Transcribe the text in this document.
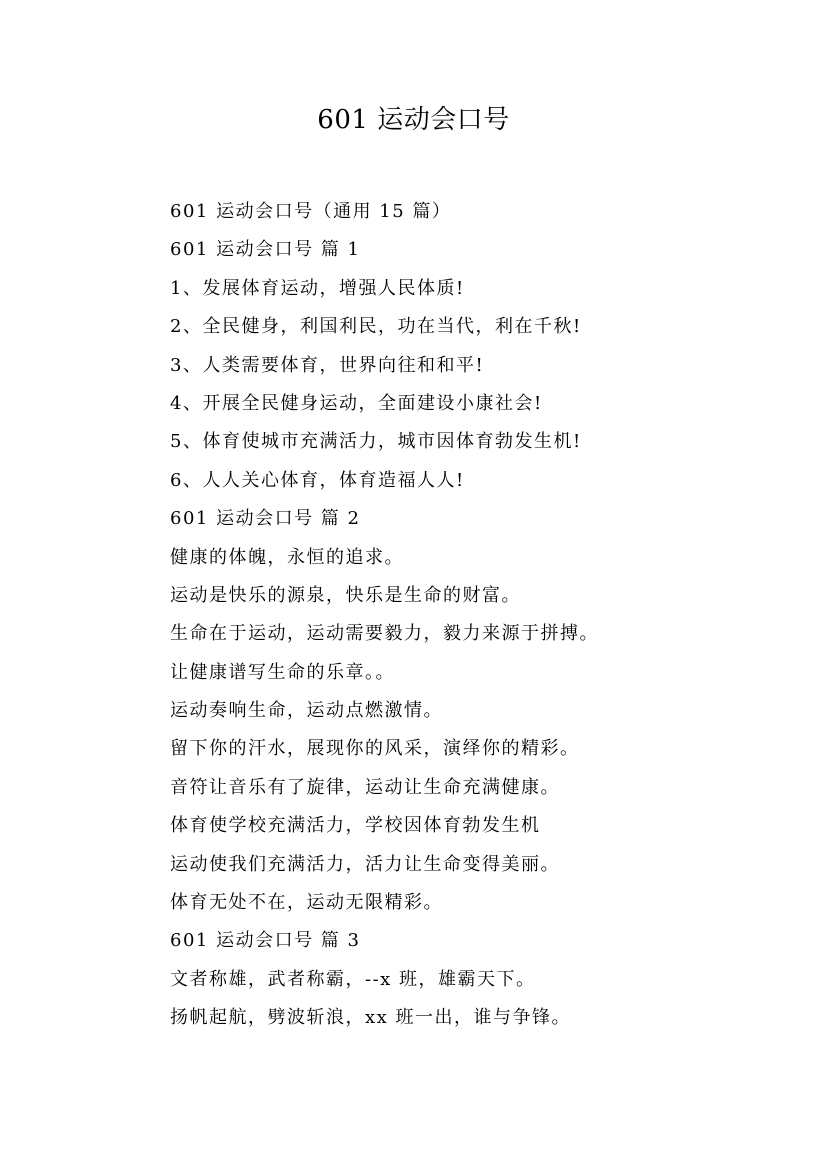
601 运动会口号
601 运动会口号（通用 15 篇）
601 运动会口号 篇 1
1、发展体育运动，增强人民体质!
2、全民健身，利国利民，功在当代，利在千秋!
3、人类需要体育，世界向往和和平!
4、开展全民健身运动，全面建设小康社会!
5、体育使城市充满活力，城市因体育勃发生机!
6、人人关心体育，体育造福人人!
601 运动会口号 篇 2
健康的体魄，永恒的追求。
运动是快乐的源泉，快乐是生命的财富。
生命在于运动，运动需要毅力，毅力来源于拼搏。
让健康谱写生命的乐章。。
运动奏响生命，运动点燃激情。
留下你的汗水，展现你的风采，演绎你的精彩。
音符让音乐有了旋律，运动让生命充满健康。
体育使学校充满活力，学校因体育勃发生机
运动使我们充满活力，活力让生命变得美丽。
体育无处不在，运动无限精彩。
601 运动会口号 篇 3
文者称雄，武者称霸，--x 班，雄霸天下。
扬帆起航，劈波斩浪，xx 班一出，谁与争锋。
